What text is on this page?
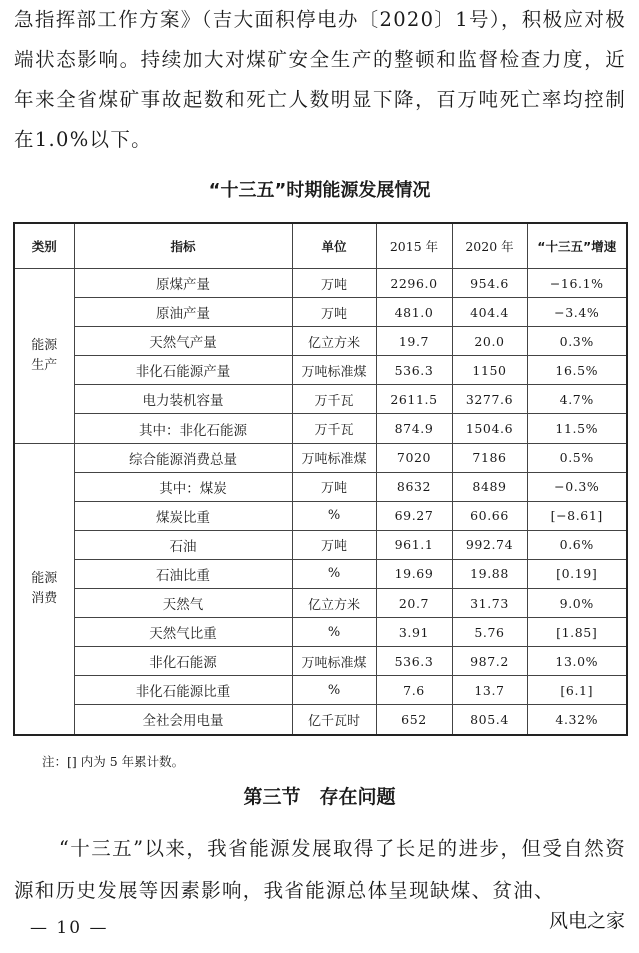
急指挥部工作方案》（吉大面积停电办〔2020〕1号），积极应对极端状态影响。持续加大对煤矿安全生产的整顿和监督检查力度，近年来全省煤矿事故起数和死亡人数明显下降，百万吨死亡率均控制在1.0%以下。

“十三五”时期能源发展情况
类别	指标	单位	2015 年	2020 年	“十三五”增速
能源
生产	原煤产量	万吨	2296.0	954.6	−16.1%
	原油产量	万吨	481.0	404.4	−3.4%
	天然气产量	亿立方米	19.7	20.0	0.3%
	非化石能源产量	万吨标准煤	536.3	1150	16.5%
	电力装机容量	万千瓦	2611.5	3277.6	4.7%
	其中：非化石能源	万千瓦	874.9	1504.6	11.5%
能源
消费	综合能源消费总量	万吨标准煤	7020	7186	0.5%
	其中：煤炭	万吨	8632	8489	−0.3%
	煤炭比重	%	69.27	60.66	[−8.61]
	石油	万吨	961.1	992.74	0.6%
	石油比重	%	19.69	19.88	[0.19]
	天然气	亿立方米	20.7	31.73	9.0%
	天然气比重	%	3.91	5.76	[1.85]
	非化石能源	万吨标准煤	536.3	987.2	13.0%
	非化石能源比重	%	7.6	13.7	[6.1]
	全社会用电量	亿千瓦时	652	805.4	4.32%
注：[] 内为 5 年累计数。
第三节　存在问题

“十三五”以来，我省能源发展取得了长足的进步，但受自然资源和历史发展等因素影响，我省能源总体呈现缺煤、贫油、

— 10 —	风电之家
